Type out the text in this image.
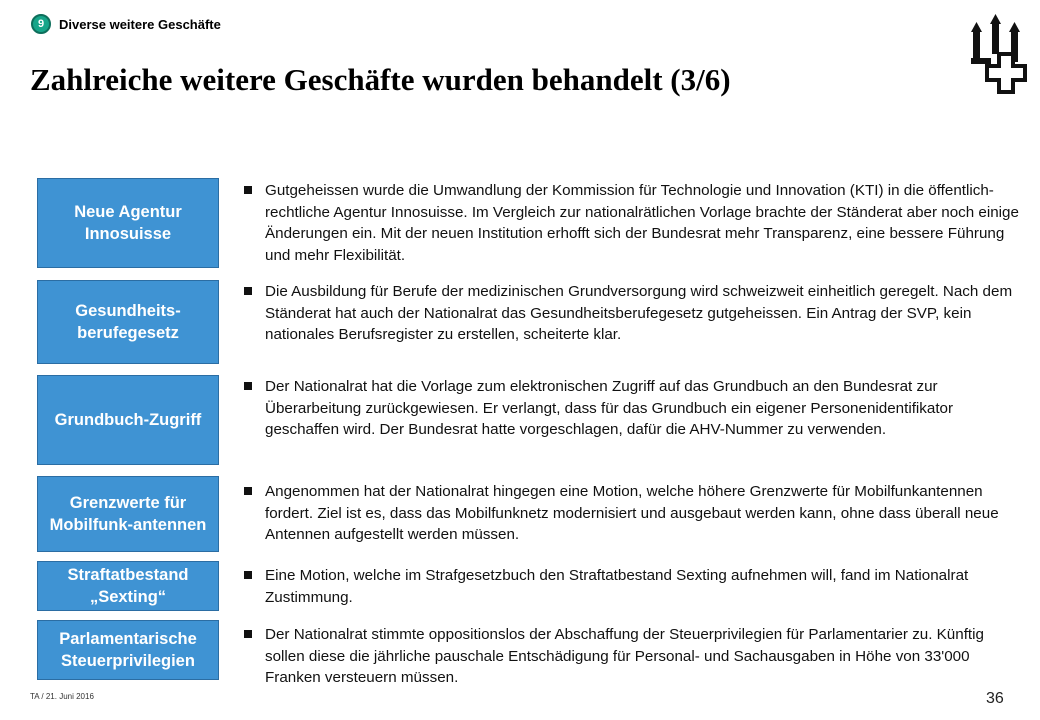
9	Diverse weitere Geschäfte
Zahlreiche weitere Geschäfte wurden behandelt (3/6)
Neue Agentur Innosuisse
Gesundheits-berufegesetz
Grundbuch-Zugriff
Grenzwerte für Mobilfunk-antennen
Straftatbestand „Sexting“
Parlamentarische Steuerprivilegien
Gutgeheissen wurde die Umwandlung der Kommission für Technologie und Innovation (KTI) in die öffentlich-rechtliche Agentur Innosuisse. Im Vergleich zur nationalrätlichen Vorlage brachte der Ständerat aber noch einige Änderungen ein. Mit der neuen Institution erhofft sich der Bundesrat mehr Transparenz, eine bessere Führung und mehr Flexibilität.
Die Ausbildung für Berufe der medizinischen Grundversorgung wird schweizweit einheitlich geregelt. Nach dem Ständerat hat auch der Nationalrat das Gesundheitsberufegesetz gutgeheissen. Ein Antrag der SVP, kein nationales Berufsregister zu erstellen, scheiterte klar.
Der Nationalrat hat die Vorlage zum elektronischen Zugriff auf das Grundbuch an den Bundesrat zur Überarbeitung zurückgewiesen. Er verlangt, dass für das Grundbuch ein eigener Personenidentifikator geschaffen wird. Der Bundesrat hatte vorgeschlagen, dafür die AHV-Nummer zu verwenden.
Angenommen hat der Nationalrat hingegen eine Motion, welche höhere Grenzwerte für Mobilfunkantennen fordert. Ziel ist es, dass das Mobilfunknetz modernisiert und ausgebaut werden kann, ohne dass überall neue Antennen aufgestellt werden müssen.
Eine Motion, welche im Strafgesetzbuch den Straftatbestand Sexting aufnehmen will, fand im Nationalrat Zustimmung.
Der Nationalrat stimmte oppositionslos der Abschaffung der Steuerprivilegien für Parlamentarier zu. Künftig sollen diese die jährliche pauschale Entschädigung für Personal- und Sachausgaben in Höhe von 33'000 Franken versteuern müssen.
TA / 21. Juni 2016	36
